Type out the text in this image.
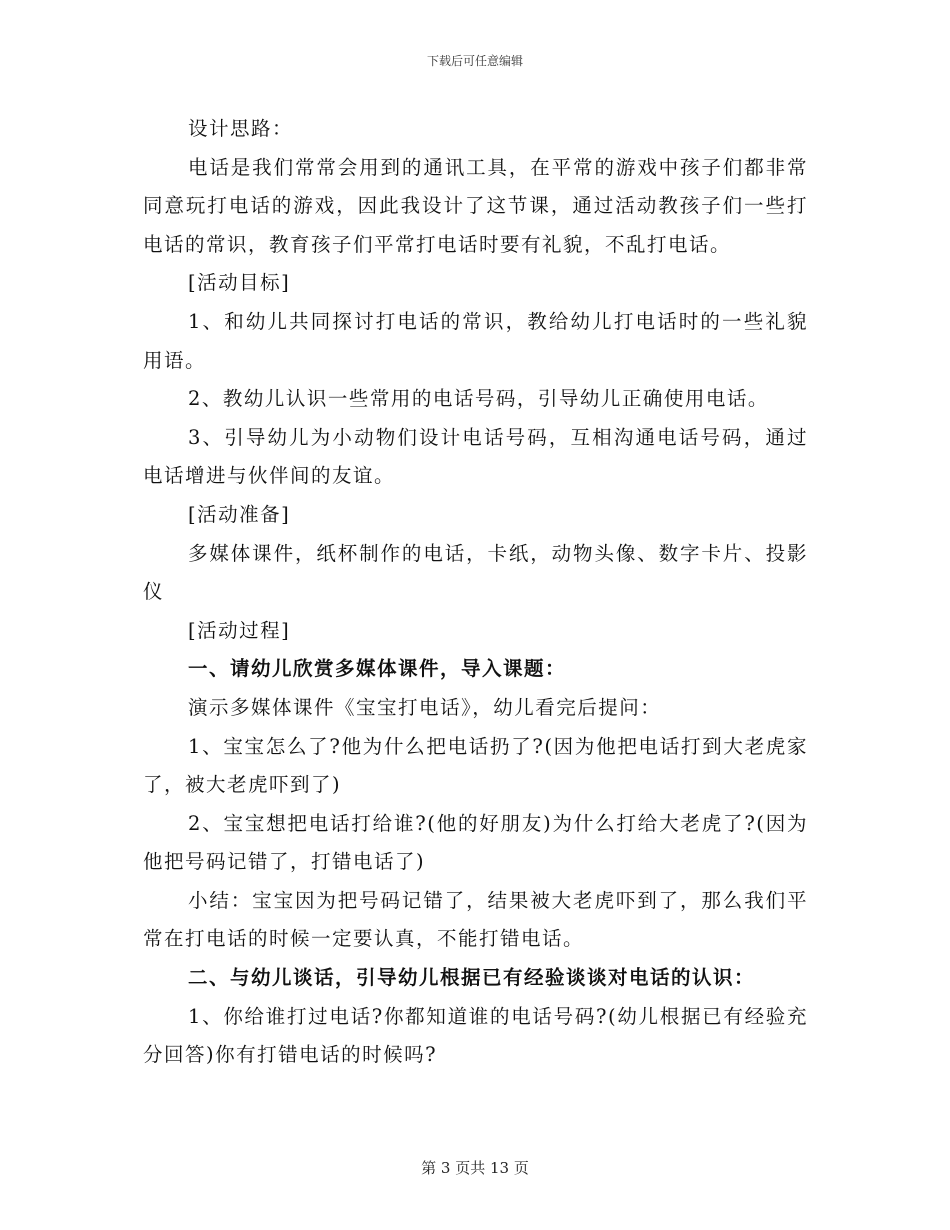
下载后可任意编辑

设计思路：

电话是我们常常会用到的通讯工具，在平常的游戏中孩子们都非常同意玩打电话的游戏，因此我设计了这节课，通过活动教孩子们一些打电话的常识，教育孩子们平常打电话时要有礼貌，不乱打电话。

[活动目标]

1、和幼儿共同探讨打电话的常识，教给幼儿打电话时的一些礼貌用语。

2、教幼儿认识一些常用的电话号码，引导幼儿正确使用电话。

3、引导幼儿为小动物们设计电话号码，互相沟通电话号码，通过电话增进与伙伴间的友谊。

[活动准备]

多媒体课件，纸杯制作的电话，卡纸，动物头像、数字卡片、投影仪

[活动过程]

一、请幼儿欣赏多媒体课件，导入课题：

演示多媒体课件《宝宝打电话》，幼儿看完后提问：

1、宝宝怎么了?他为什么把电话扔了?(因为他把电话打到大老虎家了，被大老虎吓到了)

2、宝宝想把电话打给谁?(他的好朋友)为什么打给大老虎了?(因为他把号码记错了，打错电话了)

小结：宝宝因为把号码记错了，结果被大老虎吓到了，那么我们平常在打电话的时候一定要认真，不能打错电话。

二、与幼儿谈话，引导幼儿根据已有经验谈谈对电话的认识：

1、你给谁打过电话?你都知道谁的电话号码?(幼儿根据已有经验充分回答)你有打错电话的时候吗?

第 3 页共 13 页
